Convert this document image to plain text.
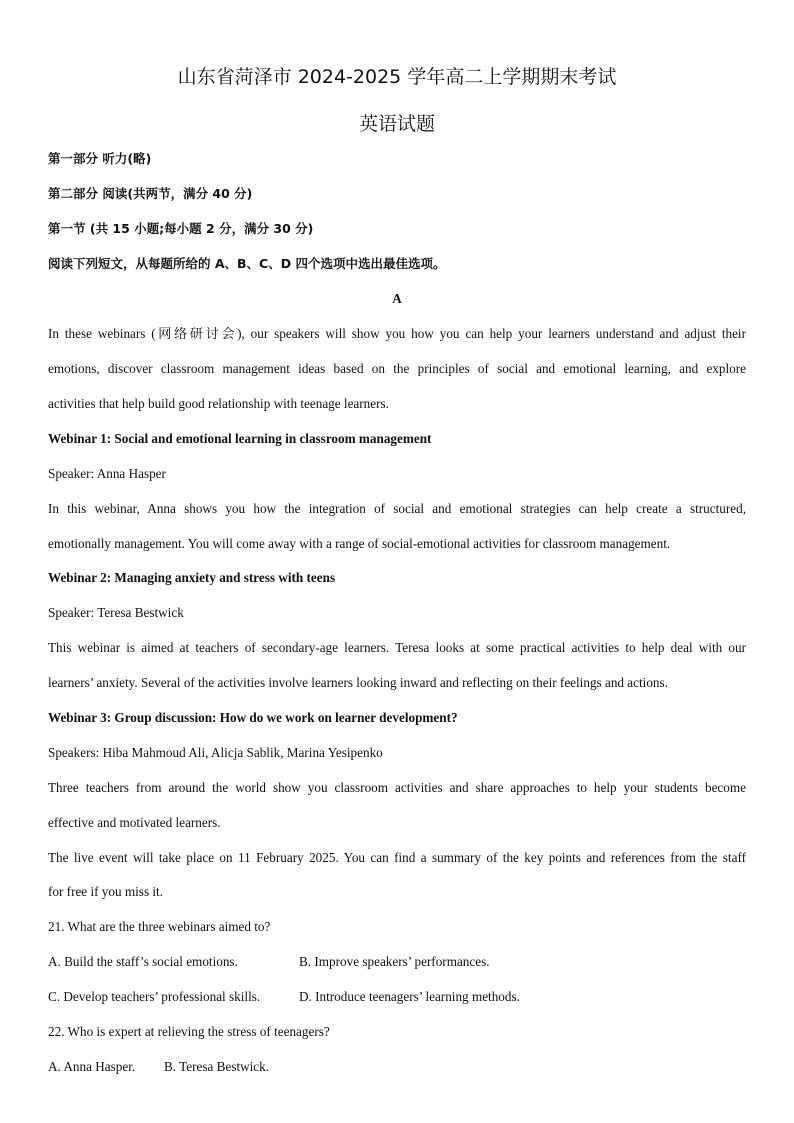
山东省菏泽市 2024-2025 学年高二上学期期末考试
英语试题
第一部分 听力(略)
第二部分 阅读(共两节，满分 40 分)
第一节 (共 15 小题;每小题 2 分，满分 30 分)
阅读下列短文，从每题所给的 A、B、C、D 四个选项中选出最佳选项。
A
In these webinars (网络研讨会), our speakers will show you how you can help your learners understand and adjust their
emotions, discover classroom management ideas based on the principles of social and emotional learning, and explore
activities that help build good relationship with teenage learners.
Webinar 1: Social and emotional learning in classroom management
Speaker: Anna Hasper
In this webinar, Anna shows you how the integration of social and emotional strategies can help create a structured,
emotionally management. You will come away with a range of social-emotional activities for classroom management.
Webinar 2: Managing anxiety and stress with teens
Speaker: Teresa Bestwick
This webinar is aimed at teachers of secondary-age learners. Teresa looks at some practical activities to help deal with our
learners’ anxiety. Several of the activities involve learners looking inward and reflecting on their feelings and actions.
Webinar 3: Group discussion: How do we work on learner development?
Speakers: Hiba Mahmoud Ali, Alicja Sablik, Marina Yesipenko
Three teachers from around the world show you classroom activities and share approaches to help your students become
effective and motivated learners.
The live event will take place on 11 February 2025. You can find a summary of the key points and references from the staff
for free if you miss it.
21. What are the three webinars aimed to?
A. Build the staff’s social emotions.	B. Improve speakers’ performances.
C. Develop teachers’ professional skills.	D. Introduce teenagers’ learning methods.
22. Who is expert at relieving the stress of teenagers?
A. Anna Hasper. B. Teresa Bestwick.
